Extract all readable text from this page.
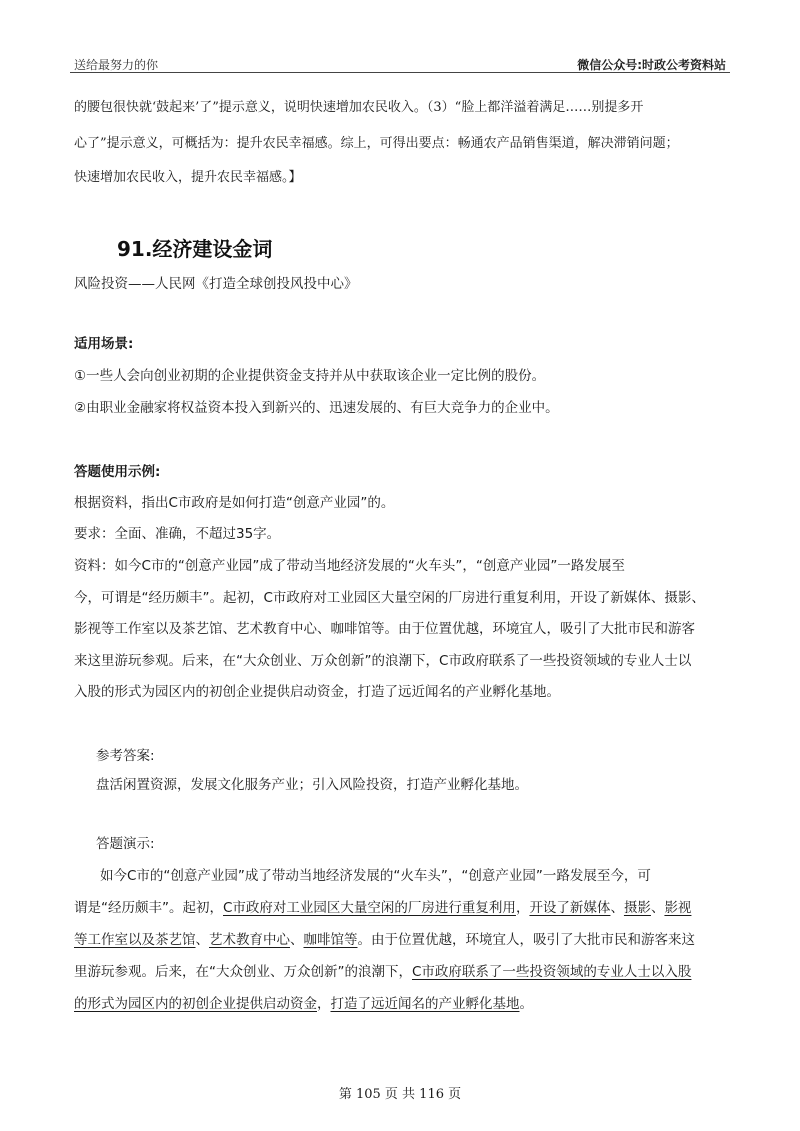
送给最努力的你	微信公众号:时政公考资料站

的腰包很快就‘鼓起来’了”提示意义，说明快速增加农民收入。（3）“脸上都洋溢着满足……别提多开

心了”提示意义，可概括为：提升农民幸福感。综上，可得出要点：畅通农产品销售渠道，解决滞销问题；

快速增加农民收入，提升农民幸福感。】

91.经济建设金词

风险投资——人民网《打造全球创投风投中心》

适用场景:

①一些人会向创业初期的企业提供资金支持并从中获取该企业一定比例的股份。

②由职业金融家将权益资本投入到新兴的、迅速发展的、有巨大竞争力的企业中。

答题使用示例:

根据资料，指出C市政府是如何打造“创意产业园”的。

要求：全面、准确，不超过35字。

资料：如今C市的“创意产业园”成了带动当地经济发展的“火车头”，“创意产业园”一路发展至

今，可谓是“经历颇丰”。起初，C市政府对工业园区大量空闲的厂房进行重复利用，开设了新媒体、摄影、

影视等工作室以及茶艺馆、艺术教育中心、咖啡馆等。由于位置优越，环境宜人，吸引了大批市民和游客

来这里游玩参观。后来，在“大众创业、万众创新”的浪潮下，C市政府联系了一些投资领域的专业人士以

入股的形式为园区内的初创企业提供启动资金，打造了远近闻名的产业孵化基地。

参考答案:

盘活闲置资源，发展文化服务产业；引入风险投资，打造产业孵化基地。

答题演示:

如今C市的“创意产业园”成了带动当地经济发展的“火车头”，“创意产业园”一路发展至今，可

谓是“经历颇丰”。起初，C市政府对工业园区大量空闲的厂房进行重复利用，开设了新媒体、摄影、影视

等工作室以及茶艺馆、艺术教育中心、咖啡馆等。由于位置优越，环境宜人，吸引了大批市民和游客来这

里游玩参观。后来，在“大众创业、万众创新”的浪潮下，C市政府联系了一些投资领域的专业人士以入股

的形式为园区内的初创企业提供启动资金，打造了远近闻名的产业孵化基地。

第 105 页 共 116 页
